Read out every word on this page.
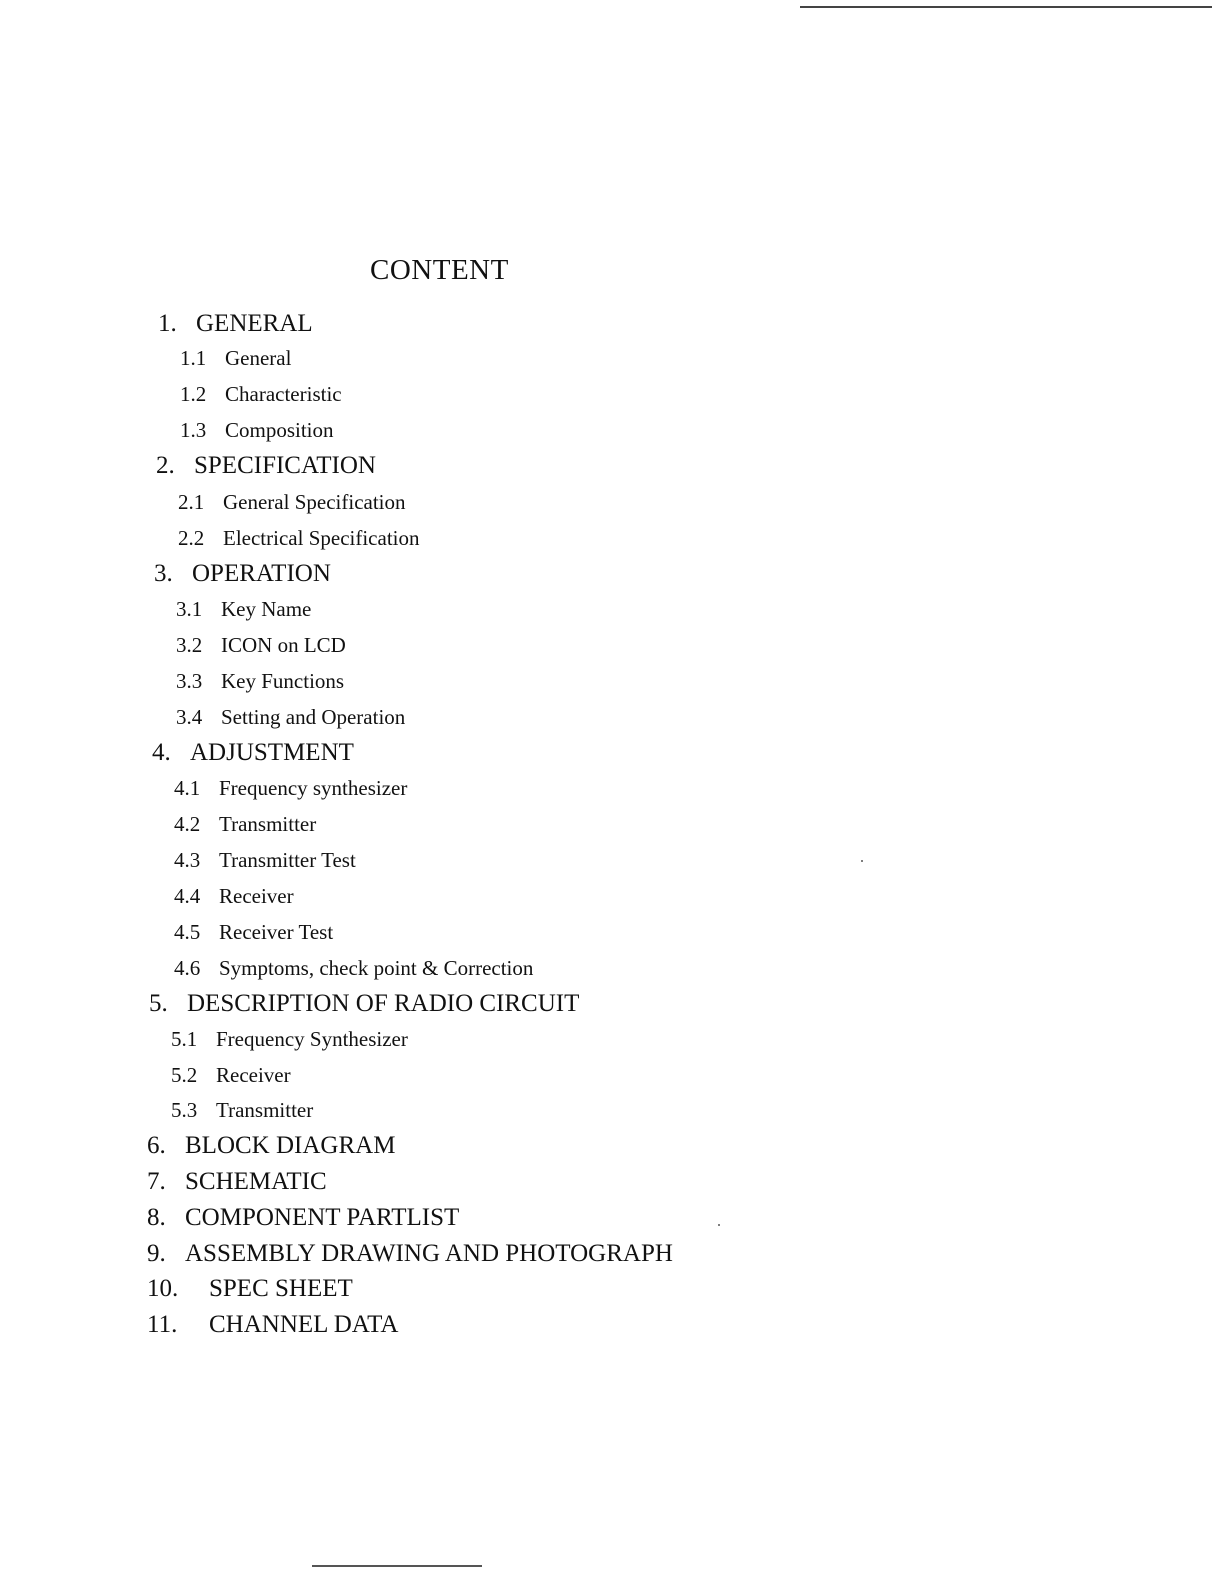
CONTENT
1. GENERAL
1.1 General
1.2 Characteristic
1.3 Composition
2. SPECIFICATION
2.1 General Specification
2.2 Electrical Specification
3. OPERATION
3.1 Key Name
3.2 ICON on LCD
3.3 Key Functions
3.4 Setting and Operation
4. ADJUSTMENT
4.1 Frequency synthesizer
4.2 Transmitter
4.3 Transmitter Test
4.4 Receiver
4.5 Receiver Test
4.6 Symptoms, check point & Correction
5. DESCRIPTION OF RADIO CIRCUIT
5.1 Frequency Synthesizer
5.2 Receiver
5.3 Transmitter
6. BLOCK DIAGRAM
7. SCHEMATIC
8. COMPONENT PARTLIST
9. ASSEMBLY DRAWING AND PHOTOGRAPH
10. SPEC SHEET
11. CHANNEL DATA
